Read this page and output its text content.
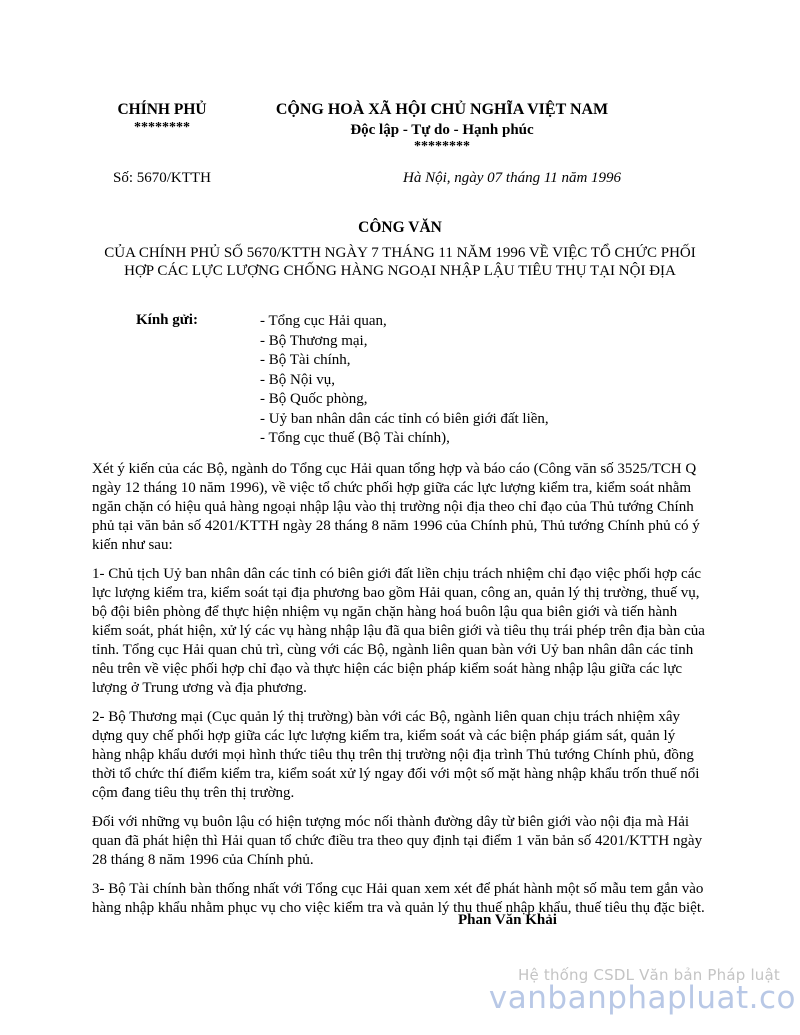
CHÍNH PHỦ
********
CỘNG HOÀ XÃ HỘI CHỦ NGHĨA VIỆT NAM
Độc lập - Tự do - Hạnh phúc
********
Số: 5670/KTTH	Hà Nội, ngày 07 tháng 11 năm 1996
CÔNG VĂN
CỦA CHÍNH PHỦ SỐ 5670/KTTH NGÀY 7 THÁNG 11 NĂM 1996 VỀ VIỆC TỔ CHỨC PHỐI HỢP CÁC LỰC LƯỢNG CHỐNG HÀNG NGOẠI NHẬP LẬU TIÊU THỤ TẠI NỘI ĐỊA
Kính gửi:	- Tổng cục Hải quan,
- Bộ Thương mại,
- Bộ Tài chính,
- Bộ Nội vụ,
- Bộ Quốc phòng,
- Uỷ ban nhân dân các tỉnh có biên giới đất liền,
- Tổng cục thuế (Bộ Tài chính),

Xét ý kiến của các Bộ, ngành do Tổng cục Hải quan tổng hợp và báo cáo (Công văn số 3525/TCH Q ngày 12 tháng 10 năm 1996), về việc tổ chức phối hợp giữa các lực lượng kiểm tra, kiểm soát nhằm ngăn chặn có hiệu quả hàng ngoại nhập lậu vào thị trường nội địa theo chỉ đạo của Thủ tướng Chính phủ tại văn bản số 4201/KTTH ngày 28 tháng 8 năm 1996 của Chính phủ, Thủ tướng Chính phủ có ý kiến như sau:

1- Chủ tịch Uỷ ban nhân dân các tỉnh có biên giới đất liền chịu trách nhiệm chỉ đạo việc phối hợp các lực lượng kiểm tra, kiểm soát tại địa phương bao gồm Hải quan, công an, quản lý thị trường, thuế vụ, bộ đội biên phòng để thực hiện nhiệm vụ ngăn chặn hàng hoá buôn lậu qua biên giới và tiến hành kiểm soát, phát hiện, xử lý các vụ hàng nhập lậu đã qua biên giới và tiêu thụ trái phép trên địa bàn của tỉnh. Tổng cục Hải quan chủ trì, cùng với các Bộ, ngành liên quan bàn với Uỷ ban nhân dân các tỉnh nêu trên về việc phối hợp chỉ đạo và thực hiện các biện pháp kiểm soát hàng nhập lậu giữa các lực lượng ở Trung ương và địa phương.

2- Bộ Thương mại (Cục quản lý thị trường) bàn với các Bộ, ngành liên quan chịu trách nhiệm xây dựng quy chế phối hợp giữa các lực lượng kiểm tra, kiểm soát và các biện pháp giám sát, quản lý hàng nhập khẩu dưới mọi hình thức tiêu thụ trên thị trường nội địa trình Thủ tướng Chính phủ, đồng thời tổ chức thí điểm kiểm tra, kiểm soát xử lý ngay đối với một số mặt hàng nhập khẩu trốn thuế nổi cộm đang tiêu thụ trên thị trường.

Đối với những vụ buôn lậu có hiện tượng móc nối thành đường dây từ biên giới vào nội địa mà Hải quan đã phát hiện thì Hải quan tổ chức điều tra theo quy định tại điểm 1 văn bản số 4201/KTTH ngày 28 tháng 8 năm 1996 của Chính phủ.

3- Bộ Tài chính bàn thống nhất với Tổng cục Hải quan xem xét để phát hành một số mẫu tem gắn vào hàng nhập khẩu nhằm phục vụ cho việc kiểm tra và quản lý thu thuế nhập khẩu, thuế tiêu thụ đặc biệt.

Phan Văn Khải
Hệ thống CSDL Văn bản Pháp luật
vanbanphapluat.co
